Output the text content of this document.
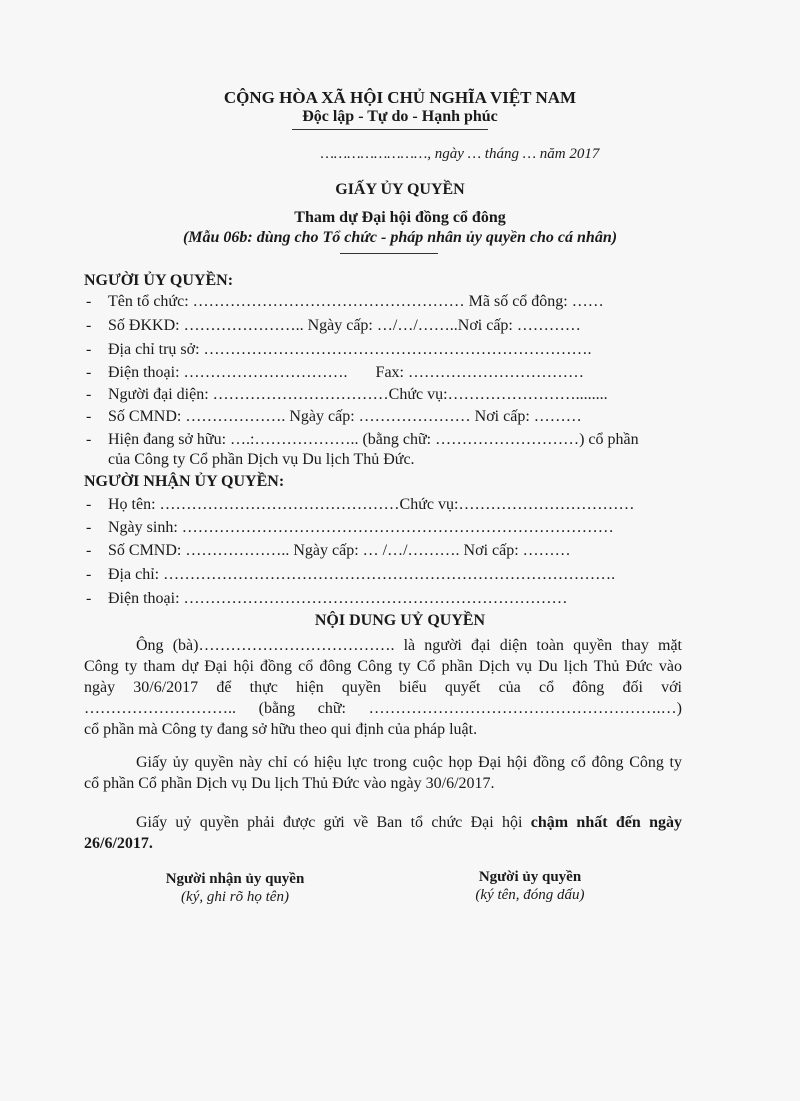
CỘNG HÒA XÃ HỘI CHỦ NGHĨA VIỆT NAM
Độc lập - Tự do - Hạnh phúc
……………………, ngày … tháng … năm 2017
GIẤY ỦY QUYỀN
Tham dự Đại hội đồng cổ đông
(Mẫu 06b: dùng cho Tổ chức - pháp nhân ủy quyền cho cá nhân)
NGƯỜI ỦY QUYỀN:
- Tên tổ chức: …………………………………………… Mã số cổ đông: ……
- Số ĐKKD: ………………….. Ngày cấp: …/…/……..Nơi cấp: …………
- Địa chỉ trụ sở: ……………………………………………………………….
- Điện thoại: ………………………….       Fax: ……………………………
- Người đại diện: ……………………………Chức vụ:……………………........
- Số CMND: ………………. Ngày cấp: ………………… Nơi cấp: ………
- Hiện đang sở hữu: ….:……………….. (bằng chữ: ………………………) cổ phần
của Công ty Cổ phần Dịch vụ Du lịch Thủ Đức.
NGƯỜI NHẬN ỦY QUYỀN:
- Họ tên: ………………………………………Chức vụ:……………………………
- Ngày sinh: ………………………………………………………………………
- Số CMND: ……………….. Ngày cấp: … /…/………. Nơi cấp: ………
- Địa chỉ: ………………………………………………………………………….
- Điện thoại: ………………………………………………………………
NỘI DUNG UỶ QUYỀN
Ông (bà)………………………………. là người đại diện toàn quyền thay mặt
Công ty tham dự Đại hội đồng cổ đông Công ty Cổ phần Dịch vụ Du lịch Thủ Đức vào
ngày 30/6/2017 để thực hiện quyền biểu quyết của cổ đông đối với
……………………….. (bằng chữ: ……………………………………………….…)
cổ phần mà Công ty đang sở hữu theo qui định của pháp luật.
Giấy ủy quyền này chỉ có hiệu lực trong cuộc họp Đại hội đồng cổ đông Công ty
cổ phần Cổ phần Dịch vụ Du lịch Thủ Đức vào ngày 30/6/2017.
Giấy uỷ quyền phải được gửi về Ban tổ chức Đại hội chậm nhất đến ngày
26/6/2017.
Người nhận ủy quyền
(ký, ghi rõ họ tên)
Người ủy quyền
(ký tên, đóng dấu)
